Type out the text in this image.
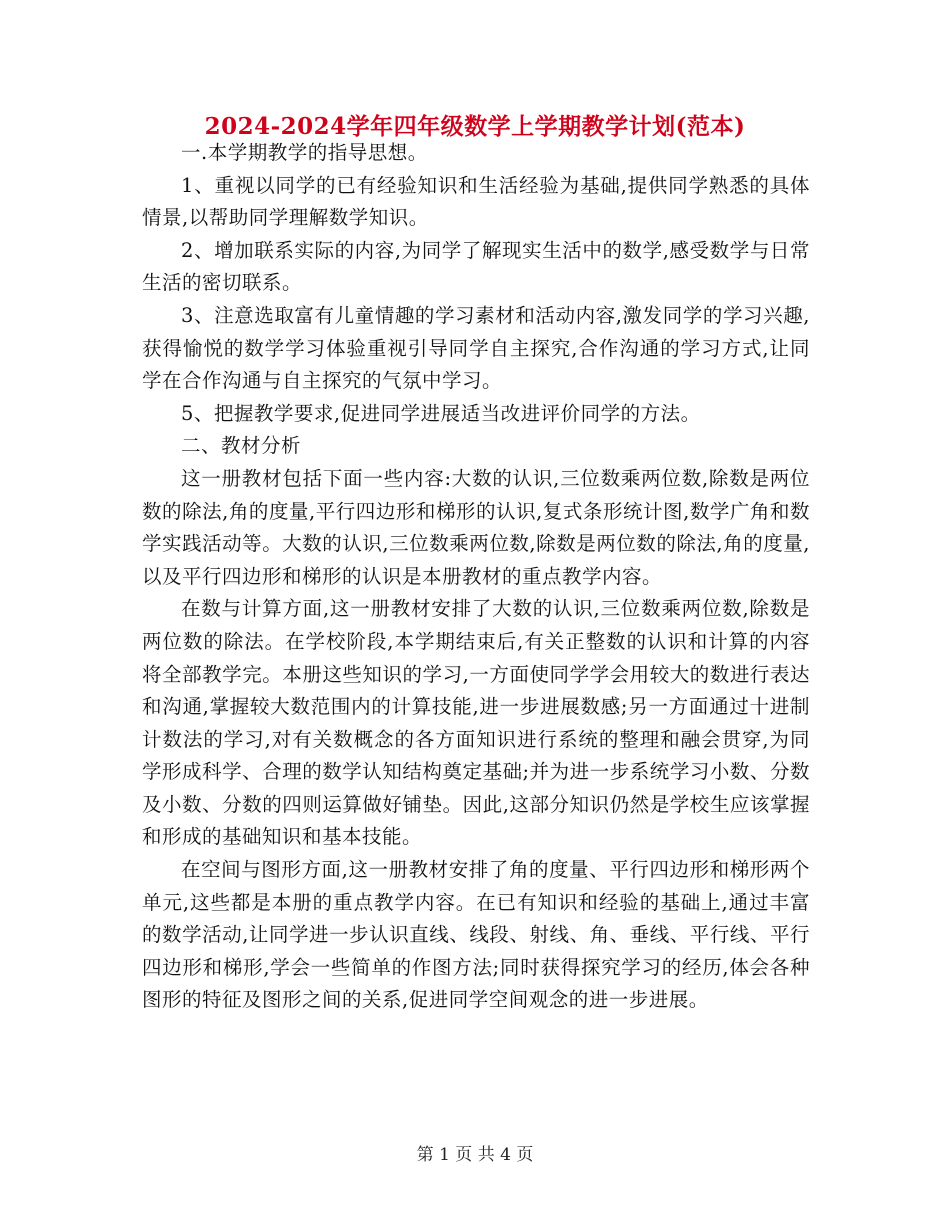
2024-2024学年四年级数学上学期教学计划(范本)

一.本学期教学的指导思想。

1、重视以同学的已有经验知识和生活经验为基础,提供同学熟悉的具体情景,以帮助同学理解数学知识。

2、增加联系实际的内容,为同学了解现实生活中的数学,感受数学与日常生活的密切联系。

3、注意选取富有儿童情趣的学习素材和活动内容,激发同学的学习兴趣,获得愉悦的数学学习体验重视引导同学自主探究,合作沟通的学习方式,让同学在合作沟通与自主探究的气氛中学习。

5、把握教学要求,促进同学进展适当改进评价同学的方法。

二、教材分析

这一册教材包括下面一些内容:大数的认识,三位数乘两位数,除数是两位数的除法,角的度量,平行四边形和梯形的认识,复式条形统计图,数学广角和数学实践活动等。大数的认识,三位数乘两位数,除数是两位数的除法,角的度量,以及平行四边形和梯形的认识是本册教材的重点教学内容。

在数与计算方面,这一册教材安排了大数的认识,三位数乘两位数,除数是两位数的除法。在学校阶段,本学期结束后,有关正整数的认识和计算的内容将全部教学完。本册这些知识的学习,一方面使同学学会用较大的数进行表达和沟通,掌握较大数范围内的计算技能,进一步进展数感;另一方面通过十进制计数法的学习,对有关数概念的各方面知识进行系统的整理和融会贯穿,为同学形成科学、合理的数学认知结构奠定基础;并为进一步系统学习小数、分数及小数、分数的四则运算做好铺垫。因此,这部分知识仍然是学校生应该掌握和形成的基础知识和基本技能。

在空间与图形方面,这一册教材安排了角的度量、平行四边形和梯形两个单元,这些都是本册的重点教学内容。在已有知识和经验的基础上,通过丰富的数学活动,让同学进一步认识直线、线段、射线、角、垂线、平行线、平行四边形和梯形,学会一些简单的作图方法;同时获得探究学习的经历,体会各种图形的特征及图形之间的关系,促进同学空间观念的进一步进展。

第 1 页 共 4 页
